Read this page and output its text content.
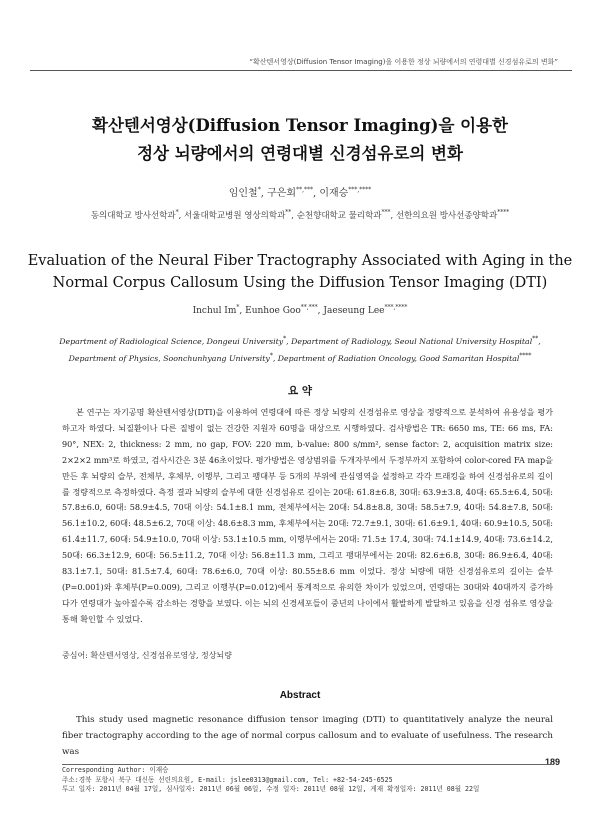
“확산텐서영상(Diffusion Tensor Imaging)을 이용한 정상 뇌량에서의 연령대별 신경섬유로의 변화”
확산텐서영상(Diffusion Tensor Imaging)을 이용한
정상 뇌량에서의 연령대별 신경섬유로의 변화
임인철*, 구은회**,***, 이재승***,****
동의대학교 방사선학과*, 서울대학교병원 영상의학과**, 순천향대학교 물리학과***, 선한의요원 방사선종양학과****
Evaluation of the Neural Fiber Tractography Associated with Aging in the
Normal Corpus Callosum Using the Diffusion Tensor Imaging (DTI)
Inchul Im*, Eunhoe Goo**,***, Jaeseung Lee***,****
Department of Radiological Science, Dongeui University*, Department of Radiology, Seoul National University Hospital**,
Department of Physics, Soonchunhyang University*, Department of Radiation Oncology, Good Samaritan Hospital****
요 약
본 연구는 자기공명 확산텐서영상(DTI)을 이용하여 연령대에 따른 정상 뇌량의 신경섬유로 영상을 정량적으로 분석하여 유용성을 평가하고자 하였다. 뇌질환이나 다른 질병이 없는 건강한 지원자 60명을 대상으로 시행하였다. 검사방법은 TR: 6650 ms, TE: 66 ms, FA: 90°, NEX: 2, thickness: 2 mm, no gap, FOV: 220 mm, b-value: 800 s/mm², sense factor: 2, acquisition matrix size: 2×2×2 mm³로 하였고, 검사시간은 3분 46초이었다. 평가방법은 영상범위를 두개자부에서 두정부까지 포함하여 color-cored FA map을 만든 후 뇌량의 슬부, 전체부, 후체부, 이행부, 그리고 팽대부 등 5개의 부위에 관심영역을 설정하고 각각 트래킹을 하여 신경섬유로의 길이를 정량적으로 측정하였다. 측정 결과 뇌량의 슬부에 대한 신경섬유로 길이는 20대: 61.8±6.8, 30대: 63.9±3.8, 40대: 65.5±6.4, 50대: 57.8±6.0, 60대: 58.9±4.5, 70대 이상: 54.1±8.1 mm, 전체부에서는 20대: 54.8±8.8, 30대: 58.5±7.9, 40대: 54.8±7.8, 50대: 56.1±10.2, 60대: 48.5±6.2, 70대 이상: 48.6±8.3 mm, 후체부에서는 20대: 72.7±9.1, 30대: 61.6±9.1, 40대: 60.9±10.5, 50대: 61.4±11.7, 60대: 54.9±10.0, 70대 이상: 53.1±10.5 mm, 이행부에서는 20대: 71.5± 17.4, 30대: 74.1±14.9, 40대: 73.6±14.2, 50대: 66.3±12.9, 60대: 56.5±11.2, 70대 이상: 56.8±11.3 mm, 그리고 팽대부에서는 20대: 82.6±6.8, 30대: 86.9±6.4, 40대: 83.1±7.1, 50대: 81.5±7.4, 60대: 78.6±6.0, 70대 이상: 80.55±8.6 mm 이었다. 정상 뇌량에 대한 신경섬유로의 길이는 슬부(P=0.001)와 후체부(P=0.009), 그리고 이행부(P=0.012)에서 통계적으로 유의한 차이가 있었으며, 연령대는 30대와 40대까지 증가하다가 연령대가 높아질수록 감소하는 경향을 보였다. 이는 뇌의 신경세포들이 중년의 나이에서 활발하게 발달하고 있음을 신경 섬유로 영상을 통해 확인할 수 있었다.
중심어: 확산텐서영상, 신경섬유로영상, 정상뇌량
Abstract
This study used magnetic resonance diffusion tensor imaging (DTI) to quantitatively analyze the neural fiber tractography according to the age of normal corpus callosum and to evaluate of usefulness. The research was
189
Corresponding Author: 이재승
주소:경북 포항시 북구 대신동 선린의요원, E-mail: jslee0313@gmail.com, Tel: +82-54-245-6525
투고 일자: 2011년 04월 17일, 심사일자: 2011년 06월 06일, 수정 일자: 2011년 08월 12일, 게재 확정일자: 2011년 08월 22일
